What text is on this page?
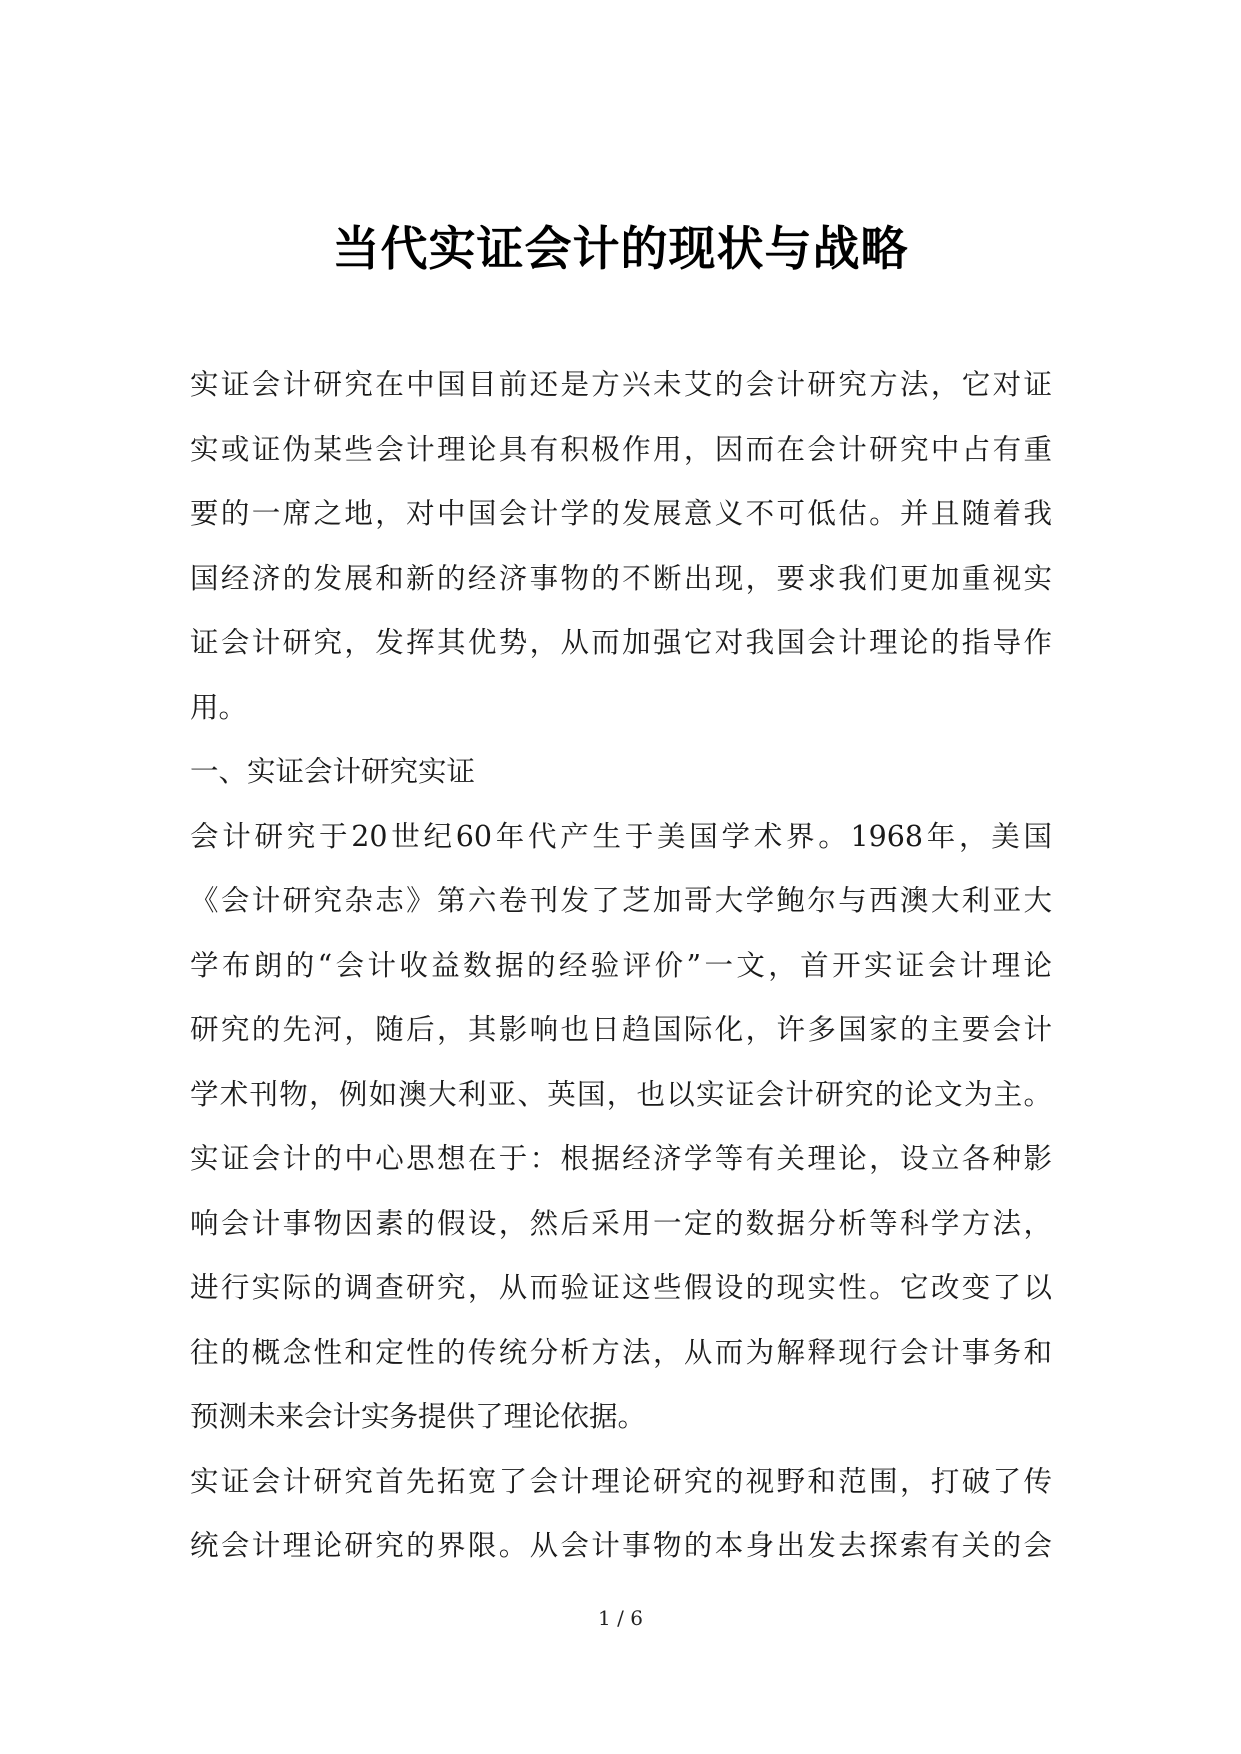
当代实证会计的现状与战略
实证会计研究在中国目前还是方兴未艾的会计研究方法，它对证
实或证伪某些会计理论具有积极作用，因而在会计研究中占有重
要的一席之地，对中国会计学的发展意义不可低估。并且随着我
国经济的发展和新的经济事物的不断出现，要求我们更加重视实
证会计研究，发挥其优势，从而加强它对我国会计理论的指导作
用。
一、实证会计研究实证
会计研究于20世纪60年代产生于美国学术界。1968年，美国
《会计研究杂志》第六卷刊发了芝加哥大学鲍尔与西澳大利亚大
学布朗的“会计收益数据的经验评价”一文，首开实证会计理论
研究的先河，随后，其影响也日趋国际化，许多国家的主要会计
学术刊物，例如澳大利亚、英国，也以实证会计研究的论文为主。
实证会计的中心思想在于：根据经济学等有关理论，设立各种影
响会计事物因素的假设，然后采用一定的数据分析等科学方法，
进行实际的调查研究，从而验证这些假设的现实性。它改变了以
往的概念性和定性的传统分析方法，从而为解释现行会计事务和
预测未来会计实务提供了理论依据。
实证会计研究首先拓宽了会计理论研究的视野和范围，打破了传
统会计理论研究的界限。从会计事物的本身出发去探索有关的会
1 / 6
